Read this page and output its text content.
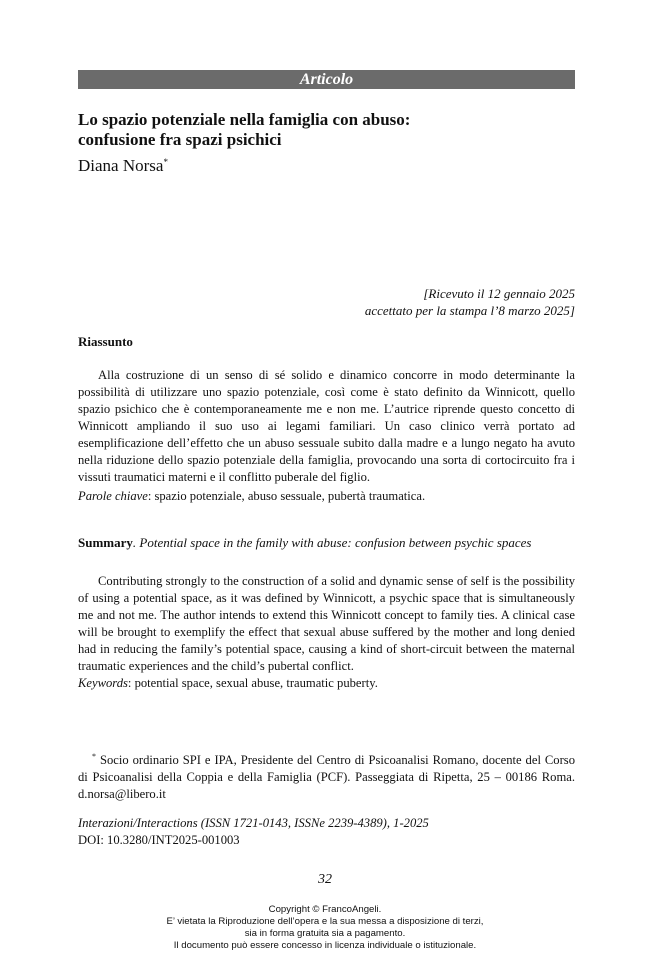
Articolo
Lo spazio potenziale nella famiglia con abuso:
confusione fra spazi psichici
Diana Norsa*
[Ricevuto il 12 gennaio 2025
accettato per la stampa l’8 marzo 2025]
Riassunto

Alla costruzione di un senso di sé solido e dinamico concorre in modo determinante la possibilità di utilizzare uno spazio potenziale, così come è stato definito da Winnicott, quello spazio psichico che è contemporaneamente me e non me. L’autrice riprende questo concetto di Winnicott ampliando il suo uso ai legami familiari. Un caso clinico verrà portato ad esemplificazione dell’effetto che un abuso sessuale subito dalla madre e a lungo negato ha avuto nella riduzione dello spazio potenziale della famiglia, provocando una sorta di cortocircuito fra i vissuti traumatici materni e il conflitto puberale del figlio.

Parole chiave: spazio potenziale, abuso sessuale, pubertà traumatica.
Summary. Potential space in the family with abuse: confusion between psychic spaces

Contributing strongly to the construction of a solid and dynamic sense of self is the possibility of using a potential space, as it was defined by Winnicott, a psychic space that is simultaneously me and not me. The author intends to extend this Winnicott concept to family ties. A clinical case will be brought to exemplify the effect that sexual abuse suffered by the mother and long denied had in reducing the family’s potential space, causing a kind of short-circuit between the maternal traumatic experiences and the child’s pubertal conflict.

Keywords: potential space, sexual abuse, traumatic puberty.
* Socio ordinario SPI e IPA, Presidente del Centro di Psicoanalisi Romano, docente del Corso di Psicoanalisi della Coppia e della Famiglia (PCF). Passeggiata di Ripetta, 25 – 00186 Roma. d.norsa@libero.it
Interazioni/Interactions (ISSN 1721-0143, ISSNe 2239-4389), 1-2025
DOI: 10.3280/INT2025-001003
32
Copyright © FrancoAngeli.
E’ vietata la Riproduzione dell’opera e la sua messa a disposizione di terzi,
sia in forma gratuita sia a pagamento.
Il documento può essere concesso in licenza individuale o istituzionale.
